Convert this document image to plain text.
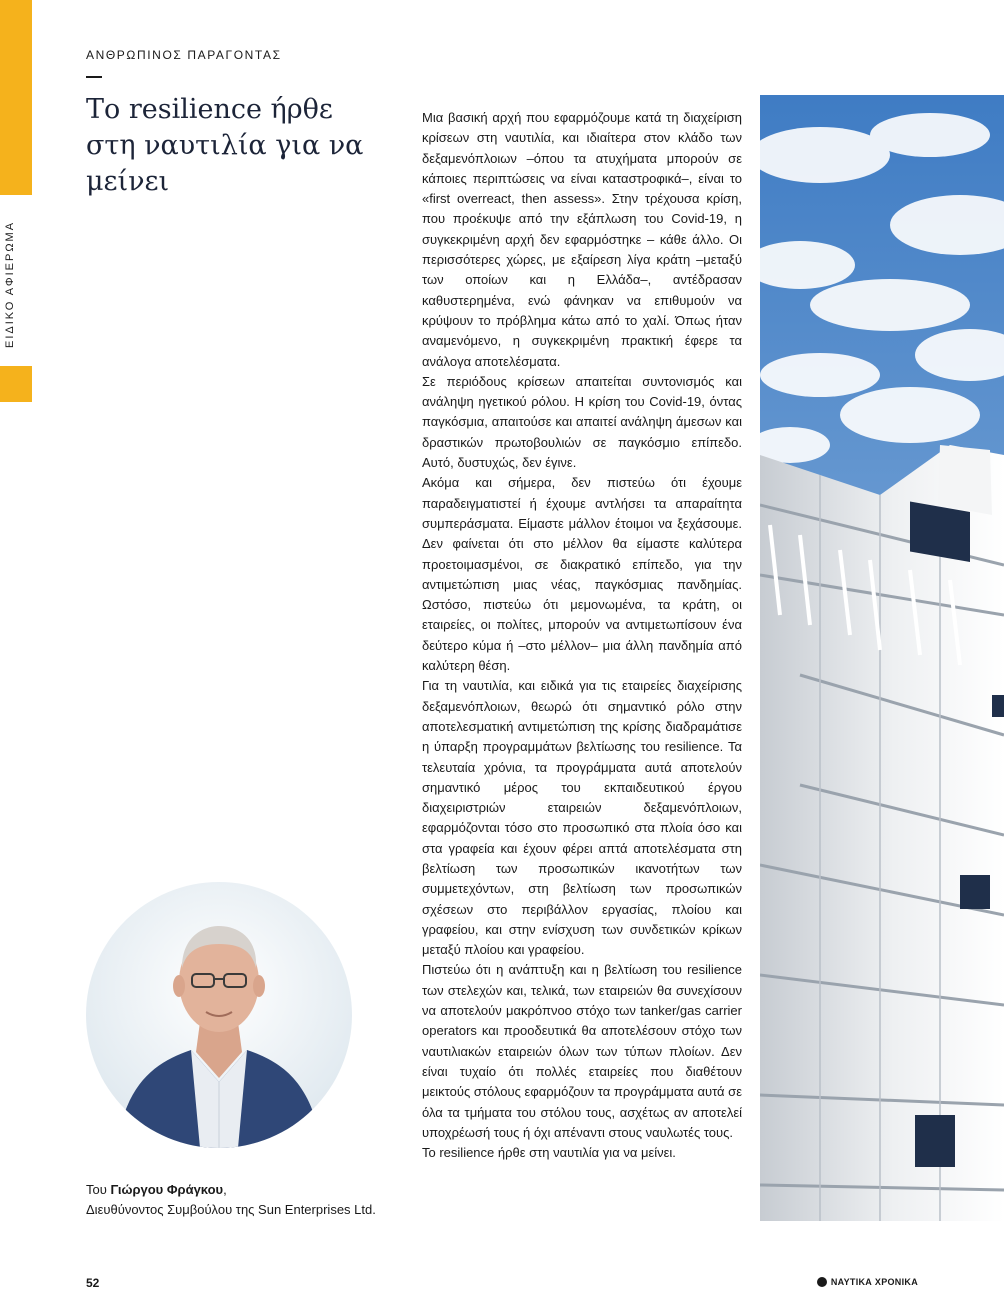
ΕΙΔΙΚΟ ΑΦΙΕΡΩΜΑ
ΑΝΘΡΩΠΙΝΟΣ ΠΑΡΑΓΟΝΤΑΣ
Το resilience ήρθε στη ναυτιλία για να μείνει
Του Γιώργου Φράγκου,
Διευθύνοντος Συμβούλου της Sun Enterprises Ltd.

Μια βασική αρχή που εφαρμόζουμε κατά τη διαχείριση κρίσεων στη ναυτιλία, και ιδιαίτερα στον κλάδο των δεξαμενόπλοιων –όπου τα ατυχήματα μπορούν σε κάποιες περιπτώσεις να είναι καταστροφικά–, είναι το «first overreact, then assess». Στην τρέχουσα κρίση, που προέκυψε από την εξάπλωση του Covid-19, η συγκεκριμένη αρχή δεν εφαρμόστηκε – κάθε άλλο. Οι περισσότερες χώρες, με εξαίρεση λίγα κράτη –μεταξύ των οποίων και η Ελλάδα–, αντέδρασαν καθυστερημένα, ενώ φάνηκαν να επιθυμούν να κρύψουν το πρόβλημα κάτω από το χαλί. Όπως ήταν αναμενόμενο, η συγκεκριμένη πρακτική έφερε τα ανάλογα αποτελέσματα.

Σε περιόδους κρίσεων απαιτείται συντονισμός και ανάληψη ηγετικού ρόλου. Η κρίση του Covid-19, όντας παγκόσμια, απαιτούσε και απαιτεί ανάληψη άμεσων και δραστικών πρωτοβουλιών σε παγκόσμιο επίπεδο. Αυτό, δυστυχώς, δεν έγινε.

Ακόμα και σήμερα, δεν πιστεύω ότι έχουμε παραδειγματιστεί ή έχουμε αντλήσει τα απαραίτητα συμπεράσματα. Είμαστε μάλλον έτοιμοι να ξεχάσουμε. Δεν φαίνεται ότι στο μέλλον θα είμαστε καλύτερα προετοιμασμένοι, σε διακρατικό επίπεδο, για την αντιμετώπιση μιας νέας, παγκόσμιας πανδημίας. Ωστόσο, πιστεύω ότι μεμονωμένα, τα κράτη, οι εταιρείες, οι πολίτες, μπορούν να αντιμετωπίσουν ένα δεύτερο κύμα ή –στο μέλλον– μια άλλη πανδημία από καλύτερη θέση.

Για τη ναυτιλία, και ειδικά για τις εταιρείες διαχείρισης δεξαμενόπλοιων, θεωρώ ότι σημαντικό ρόλο στην αποτελεσματική αντιμετώπιση της κρίσης διαδραμάτισε η ύπαρξη προγραμμάτων βελτίωσης του resilience. Τα τελευταία χρόνια, τα προγράμματα αυτά αποτελούν σημαντικό μέρος του εκπαιδευτικού έργου διαχειριστριών εταιρειών δεξαμενόπλοιων, εφαρμόζονται τόσο στο προσωπικό στα πλοία όσο και στα γραφεία και έχουν φέρει απτά αποτελέσματα στη βελτίωση των προσωπικών ικανοτήτων των συμμετεχόντων, στη βελτίωση των προσωπικών σχέσεων στο περιβάλλον εργασίας, πλοίου και γραφείου, και στην ενίσχυση των συνδετικών κρίκων μεταξύ πλοίου και γραφείου.

Πιστεύω ότι η ανάπτυξη και η βελτίωση του resilience των στελεχών και, τελικά, των εταιρειών θα συνεχίσουν να αποτελούν μακρόπνοο στόχο των tanker/gas carrier operators και προοδευτικά θα αποτελέσουν στόχο των ναυτιλιακών εταιρειών όλων των τύπων πλοίων. Δεν είναι τυχαίο ότι πολλές εταιρείες που διαθέτουν μεικτούς στόλους εφαρμόζουν τα προγράμματα αυτά σε όλα τα τμήματα του στόλου τους, ασχέτως αν αποτελεί υποχρέωσή τους ή όχι απέναντι στους ναυλωτές τους.

Το resilience ήρθε στη ναυτιλία για να μείνει.

52	ΝΑΥΤΙΚΑ ΧΡΟΝΙΚΑ
